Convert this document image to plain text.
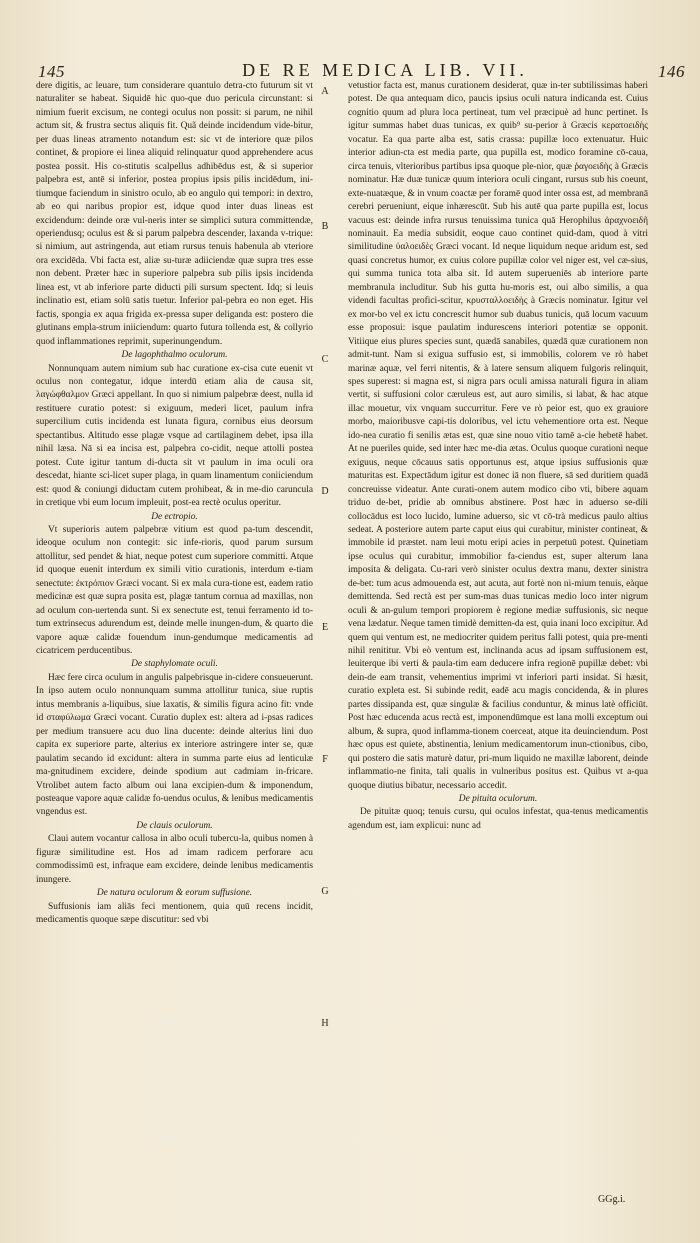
145	DE RE MEDICA LIB. VII.	146

dere digitis, ac leuare, tum considerare quantulo detra-cto futurum sit vt naturaliter se habeat. Siquidē hic quo-que duo pericula circunstant: si nimium fuerit excisum, ne contegi oculus non possit: si parum, ne nihil actum sit, & frustra sectus aliquis fit. Quã deinde incidendum vide-bitur, per duas lineas atramento notandum est: sic vt de interiore quæ pilos continet, & propiore ei linea aliquid relinquatur quod apprehendere acus postea possit. His co-stitutis scalpellus adhibēdus est, & si superior palpebra est, antē si inferior, postea propius ipsis pilis incidēdum, ini-tiumque faciendum in sinistro oculo, ab eo angulo qui tempori: in dextro, ab eo qui naribus propior est, idque quod inter duas lineas est excidendum: deinde oræ vul-neris inter se simplici sutura committendæ, operiendusq; oculus est & si parum palpebra descender, laxanda v-trique: si nimium, aut astringenda, aut etiam rursus tenuis habenula ab vteriore ora excidēda. Vbi facta est, aliæ su-turæ adiiciendæ quæ supra tres esse non debent. Præter hæc in superiore palpebra sub pilis ipsis incidenda linea est, vt ab inferiore parte diducti pili sursum spectent. Idq; si leuis inclinatio est, etiam solū satis tuetur. Inferior pal-pebra eo non eget. His factis, spongia ex aqua frigida ex-pressa super deliganda est: postero die glutinans empla-strum iniiciendum: quarto futura tollenda est, & collyrio quod inflammationes reprimit, superinungendum.

De lagophthalmo oculorum.

Nonnunquam autem nimium sub hac curatione ex-cisa cute euenit vt oculus non contegatur, idque interdū etiam alia de causa sit, λαγώφθαλμον Græci appellant. In quo si nimium palpebræ deest, nulla id restituere curatio potest: si exiguum, mederi licet, paulum infra supercilium cutis incidenda est lunata figura, cornibus eius deorsum spectantibus. Altitudo esse plagæ vsque ad cartilaginem debet, ipsa illa nihil læsa. Nā si ea incisa est, palpebra co-cidit, neque attolli postea potest. Cute igitur tantum di-ducta sit vt paulum in ima oculi ora descedat, hiante sci-licet super plaga, in quam linamentum coniiciendum est: quod & coniungi diductam cutem prohibeat, & in me-dio caruncula in cretique vbi eum locum impleuit, post-ea rectè oculus operitur.

De ectropio.

Vt superioris autem palpebræ vitium est quod pa-tum descendit, ideoque oculum non contegit: sic infe-rioris, quod parum sursum attollitur, sed pendet & hiat, neque potest cum superiore committi. Atque id quoque euenit interdum ex simili vitio curationis, interdum e-tiam senectute: ἐκτρόπιον Græci vocant. Si ex mala cura-tione est, eadem ratio medicinæ est quæ supra posita est, plagæ tantum cornua ad maxillas, non ad oculum con-uertenda sunt. Si ex senectute est, tenui ferramento id to-tum extrinsecus adurendum est, deinde melle inungen-dum, & quarto die vapore aquæ calidæ fouendum inun-gendumque medicamentis ad cicatricem perducentibus.

De staphylomate oculi.

Hæc fere circa oculum in angulis palpebrisque in-cidere consueuerunt. In ipso autem oculo nonnunquam summa attollitur tunica, siue ruptis intus membranis a-liquibus, siue laxatis, & similis figura acino fit: vnde id σταφύλωμα Græci vocant. Curatio duplex est: altera ad i-psas radices per medium transuere acu duo lina ducente: deinde alterius lini duo capita ex superiore parte, alterius ex interiore astringere inter se, quæ paulatim secando id excidunt: altera in summa parte eius ad lenticulæ ma-gnitudinem excidere, deinde spodium aut cadmiam in-fricare. Vtrolibet autem facto album oui lana excipien-dum & imponendum, posteaque vapore aquæ calidæ fo-uendus oculus, & lenibus medicamentis vngendus est.

De clauis oculorum.

Claui autem vocantur callosa in albo oculi tubercu-la, quibus nomen à figuræ similitudine est. Hos ad imam radicem perforare acu commodissimū est, infraque eam excidere, deinde lenibus medicamentis inungere.

De natura oculorum & eorum suffusione.

Suffusionis iam aliās feci mentionem, quia quū recens incidit, medicamentis quoque sæpe discutitur: sed vbi

vetustior facta est, manus curationem desiderat, quæ in-ter subtilissimas haberi potest. De qua antequam dico, paucis ipsius oculi natura indicanda est. Cuius cognitio quum ad plura loca pertineat, tum vel præcipuè ad hunc pertinet. Is igitur summas habet duas tunicas, ex quib⁹ su-perior à Græcis κερατοειδὴς vocatur. Ea qua parte alba est, satis crassa: pupillæ loco extenuatur. Huic interior adiun-cta est media parte, qua pupilla est, modico foramine cō-caua, circa tenuis, vlterioribus partibus ipsa quoque ple-nior, quæ ῥαγοειδὴς à Græcis nominatur. Hæ duæ tunicæ quum interiora oculi cingant, rursus sub his coeunt, exte-nuatæque, & in vnum coactæ per foramē quod inter ossa est, ad membranā cerebri perueniunt, eique inhærescūt. Sub his autē qua parte pupilla est, locus vacuus est: deinde infra rursus tenuissima tunica quā Herophilus ἀραχνοειδῆ nominauit. Ea media subsidit, eoque cauo continet quid-dam, quod à vitri similitudine ὑαλοειδὲς Græci vocant. Id neque liquidum neque aridum est, sed quasi concretus humor, ex cuius colore pupillæ color vel niger est, vel cæ-sius, qui summa tunica tota alba sit. Id autem superueniēs ab interiore parte membranula includitur. Sub his gutta hu-moris est, oui albo similis, a qua videndi facultas profici-scitur, κρυσταλλοειδὴς à Græcis nominatur. Igitur vel ex mor-bo vel ex ictu concrescit humor sub duabus tunicis, quā locum vacuum esse proposui: isque paulatim indurescens interiori potentiæ se opponit. Vitiique eius plures species sunt, quædā sanabiles, quædā quæ curationem non admit-tunt. Nam si exigua suffusio est, si immobilis, colorem ve rò habet marinæ aquæ, vel ferri nitentis, & à latere sensum aliquem fulgoris relinquit, spes superest: si magna est, si nigra pars oculi amissa naturali figura in aliam vertit, si suffusioni color cæruleus est, aut auro similis, si labat, & hac atque illac mouetur, vix vnquam succurritur. Fere ve rò peior est, quo ex grauiore morbo, maioribusve capi-tis doloribus, vel ictu vehementiore orta est. Neque ido-nea curatio fi senilis ætas est, quæ sine nouo vitio tamē a-cie hebetē habet. At ne pueriles quide, sed inter hæc me-dia ætas. Oculus quoque curationi neque exiguus, neque cōcauus satis opportunus est, atque ipsius suffusionis quæ maturitas est. Expectādum igitur est donec iā non fluere, sā sed duritiem quadā concreuisse videatur. Ante curati-onem autem modico cibo vti, bibere aquam triduo de-bet, pridie ab omnibus abstinere. Post hæc in aduerso se-dili collocādus est loco lucido, lumine aduerso, sic vt cō-trà medicus paulo altius sedeat. A posteriore autem parte caput eius qui curabitur, minister contineat, & immobile id præstet. nam leui motu eripi acies in perpetuū potest. Quinetiam ipse oculus qui curabitur, immobilior fa-ciendus est, super alterum lana imposita & deligata. Cu-rari verò sinister oculus dextra manu, dexter sinistra de-bet: tum acus admouenda est, aut acuta, aut fortè non ni-mium tenuis, eàque demittenda. Sed rectà est per sum-mas duas tunicas medio loco inter nigrum oculi & an-gulum tempori propiorem è regione mediæ suffusionis, sic neque vena lædatur. Neque tamen timidè demitten-da est, quia inani loco excipitur. Ad quem qui ventum est, ne mediocriter quidem peritus falli potest, quia pre-menti nihil renititur. Vbi eò ventum est, inclinanda acus ad ipsam suffusionem est, leuiterque ibi verti & paula-tim eam deducere infra regionē pupillæ debet: vbi dein-de eam transit, vehementius imprimi vt inferiori parti insidat. Si hæsit, curatio expleta est. Si subinde redit, eadē acu magis concidenda, & in plures partes dissipanda est, quæ singulæ & facilius conduntur, & minus latè officiūt. Post hæc educenda acus rectà est, imponendūmque est lana molli exceptum oui album, & supra, quod inflamma-tionem coerceat, atque ita deuinciendum. Post hæc opus est quiete, abstinentia, lenium medicamentorum inun-ctionibus, cibo, qui postero die satis maturè datur, pri-mum liquido ne maxillæ laborent, deinde inflammatio-ne finita, tali qualis in vulneribus positus est. Quibus vt a-qua quoque diutius bibatur, necessario accedit.

De pituita oculorum.

De pituitæ quoq; tenuis cursu, qui oculos infestat, qua-tenus medicamentis agendum est, iam explicui: nunc ad

A
B
C
D
E
F
G
H
GGg.i.
